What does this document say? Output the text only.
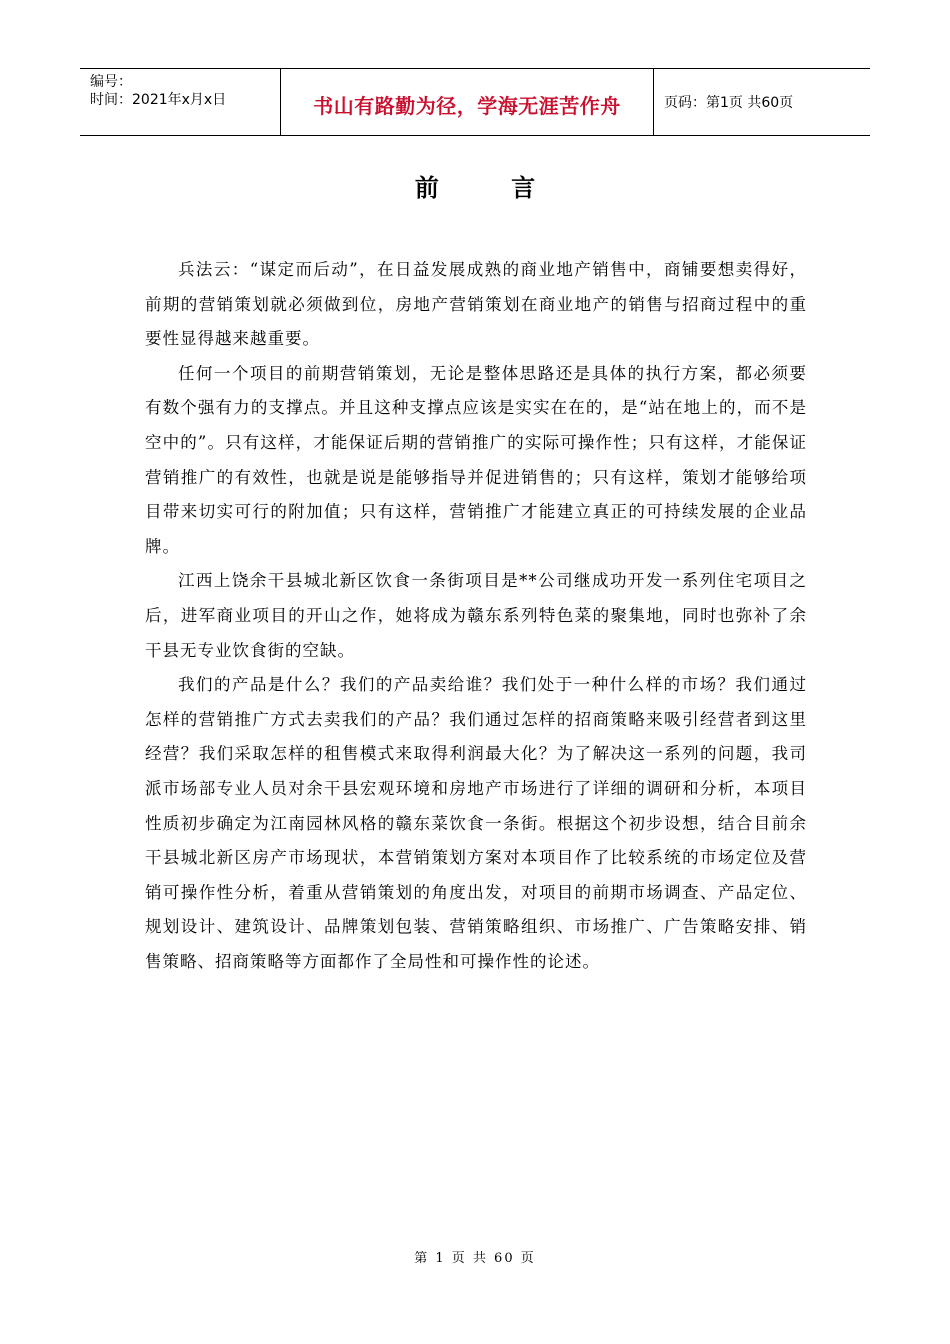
编号：
时间：2021年x月x日	书山有路勤为径，学海无涯苦作舟	页码：第1页 共60页
前 言

兵法云：“谋定而后动”，在日益发展成熟的商业地产销售中，商铺要想卖得好，前期的营销策划就必须做到位，房地产营销策划在商业地产的销售与招商过程中的重要性显得越来越重要。

任何一个项目的前期营销策划，无论是整体思路还是具体的执行方案，都必须要有数个强有力的支撑点。并且这种支撑点应该是实实在在的，是“站在地上的，而不是空中的”。只有这样，才能保证后期的营销推广的实际可操作性；只有这样，才能保证营销推广的有效性，也就是说是能够指导并促进销售的；只有这样，策划才能够给项目带来切实可行的附加值；只有这样，营销推广才能建立真正的可持续发展的企业品牌。

江西上饶余干县城北新区饮食一条街项目是**公司继成功开发一系列住宅项目之后，进军商业项目的开山之作，她将成为赣东系列特色菜的聚集地，同时也弥补了余干县无专业饮食街的空缺。

我们的产品是什么？我们的产品卖给谁？我们处于一种什么样的市场？我们通过怎样的营销推广方式去卖我们的产品？我们通过怎样的招商策略来吸引经营者到这里经营？我们采取怎样的租售模式来取得利润最大化？为了解决这一系列的问题，我司派市场部专业人员对余干县宏观环境和房地产市场进行了详细的调研和分析，本项目性质初步确定为江南园林风格的赣东菜饮食一条街。根据这个初步设想，结合目前余干县城北新区房产市场现状，本营销策划方案对本项目作了比较系统的市场定位及营销可操作性分析，着重从营销策划的角度出发，对项目的前期市场调查、产品定位、规划设计、建筑设计、品牌策划包装、营销策略组织、市场推广、广告策略安排、销售策略、招商策略等方面都作了全局性和可操作性的论述。

第 1 页 共 60 页
